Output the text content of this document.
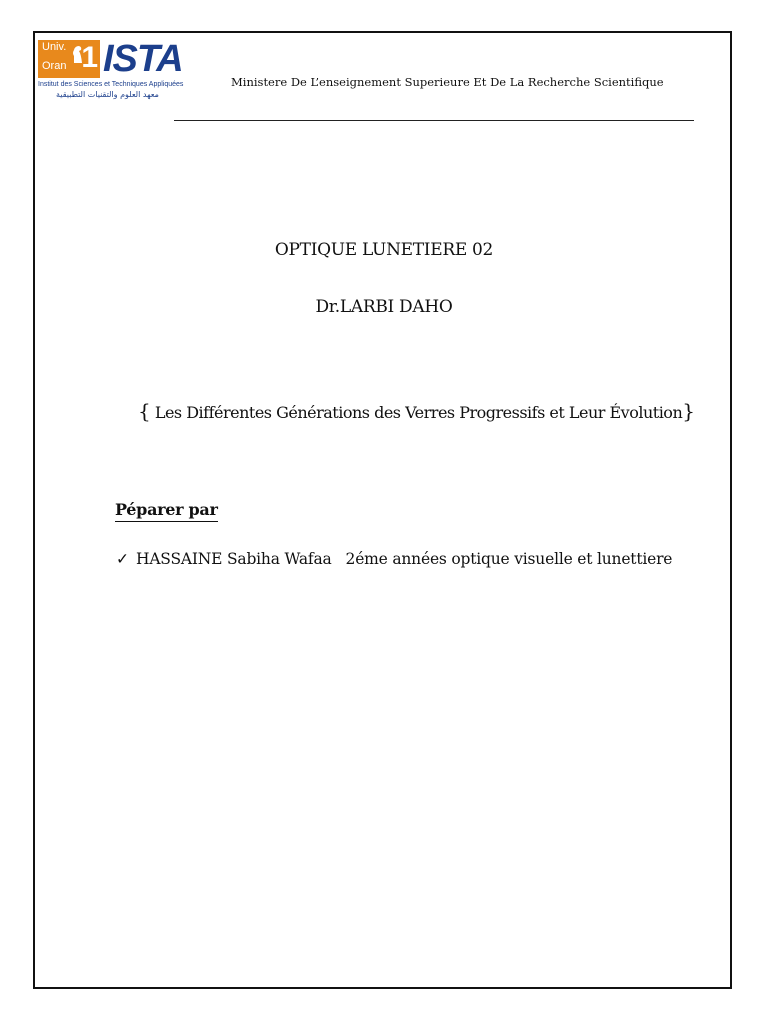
Univ.
Oran 1 ISTA
Institut des Sciences et Techniques Appliquées
معهد العلوم والتقنيات التطبيقية
Ministere De L’enseignement Superieure Et De La Recherche Scientifique
OPTIQUE LUNETIERE 02
Dr.LARBI DAHO
{ Les Différentes Générations des Verres Progressifs et Leur Évolution}
Péparer par
✓ HASSAINE Sabiha Wafaa 2éme années optique visuelle et lunettiere
